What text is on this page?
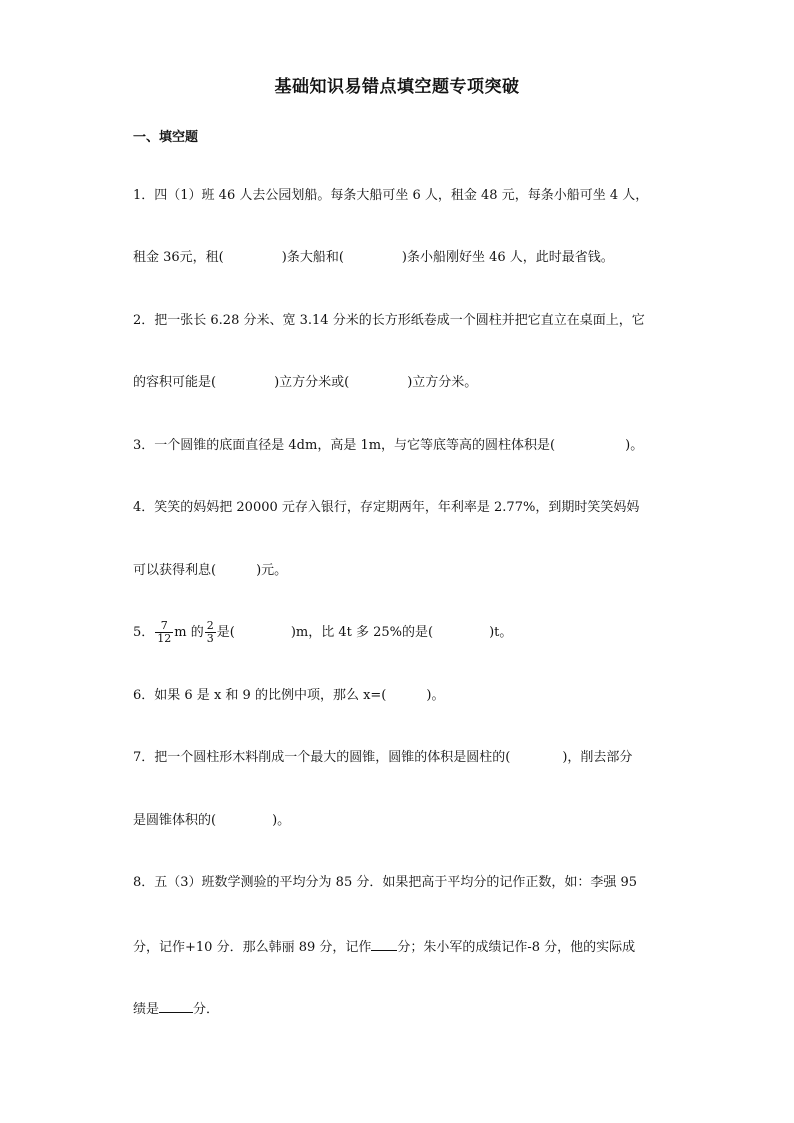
基础知识易错点填空题专项突破
一、填空题
1．四（1）班 46 人去公园划船。每条大船可坐 6 人，租金 48 元，每条小船可坐 4 人，
租金 36元，租(	)条大船和(	)条小船刚好坐 46 人，此时最省钱。
2．把一张长 6.28 分米、宽 3.14 分米的长方形纸卷成一个圆柱并把它直立在桌面上，它
的容积可能是(	)立方分米或(	)立方分米。
3．一个圆锥的底面直径是 4dm，高是 1m，与它等底等高的圆柱体积是(	)。
4．笑笑的妈妈把 20000 元存入银行，存定期两年，年利率是 2.77%，到期时笑笑妈妈
可以获得利息(	)元。
5． $\frac{7}{12}$ m 的 $\frac{2}{3}$ 是(	)m，比 4t 多 25%的是(	)t。
6．如果 6 是 x 和 9 的比例中项，那么 x=(	)。
7．把一个圆柱形木料削成一个最大的圆锥，圆锥的体积是圆柱的(	)，削去部分
是圆锥体积的(	)。
8．五（3）班数学测验的平均分为 85 分．如果把高于平均分的记作正数，如：李强 95
分，记作+10 分．那么韩丽 89 分，记作 分；朱小军的成绩记作-8 分，他的实际成
绩是	分．
